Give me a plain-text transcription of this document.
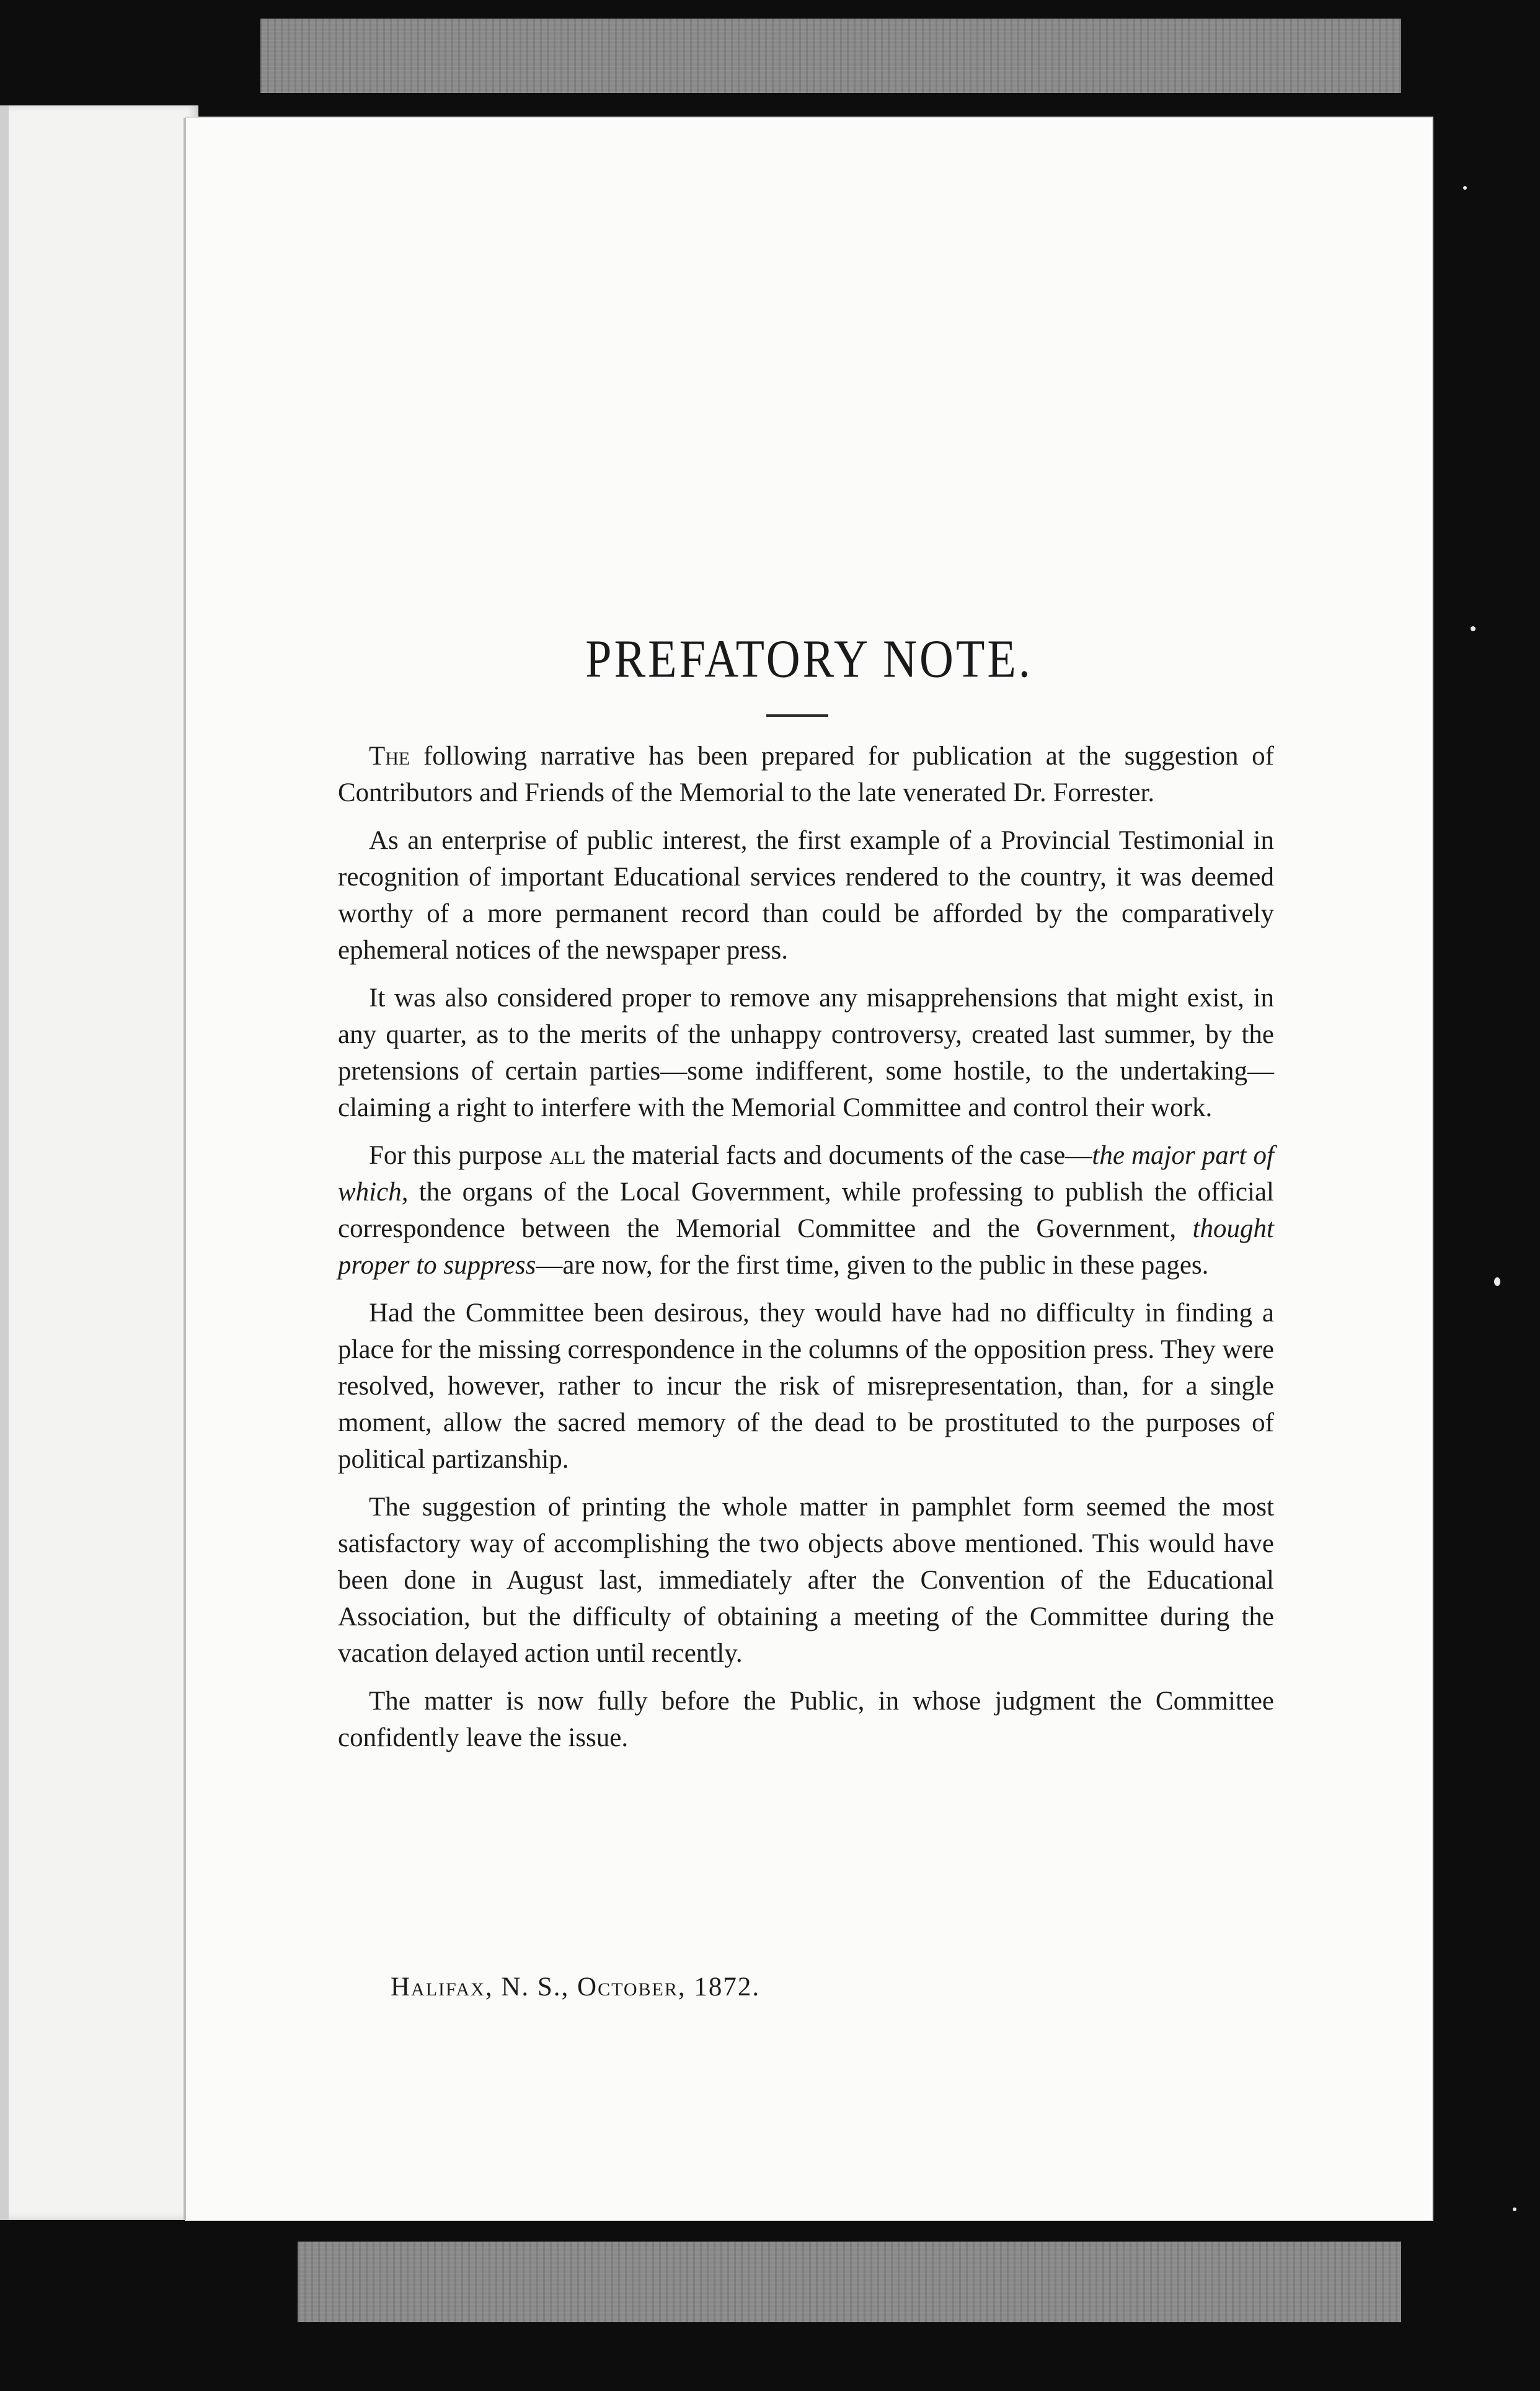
PREFATORY NOTE.

The following narrative has been prepared for publication at the suggestion of Contributors and Friends of the Memorial to the late venerated Dr. Forrester.

As an enterprise of public interest, the first example of a Provincial Testimonial in recognition of important Educational services rendered to the country, it was deemed worthy of a more permanent record than could be afforded by the comparatively ephemeral notices of the newspaper press.

It was also considered proper to remove any misapprehensions that might exist, in any quarter, as to the merits of the unhappy controversy, created last summer, by the pretensions of certain parties—some indifferent, some hostile, to the undertaking—claiming a right to interfere with the Memorial Committee and control their work.

For this purpose all the material facts and documents of the case—the major part of which, the organs of the Local Government, while professing to publish the official correspondence between the Memorial Committee and the Government, thought proper to suppress—are now, for the first time, given to the public in these pages.

Had the Committee been desirous, they would have had no difficulty in finding a place for the missing correspondence in the columns of the opposition press. They were resolved, however, rather to incur the risk of misrepresentation, than, for a single moment, allow the sacred memory of the dead to be prostituted to the purposes of political partizanship.

The suggestion of printing the whole matter in pamphlet form seemed the most satisfactory way of accomplishing the two objects above mentioned. This would have been done in August last, immediately after the Convention of the Educational Association, but the difficulty of obtaining a meeting of the Committee during the vacation delayed action until recently.

The matter is now fully before the Public, in whose judgment the Committee confidently leave the issue.

Halifax, N. S., October, 1872.
